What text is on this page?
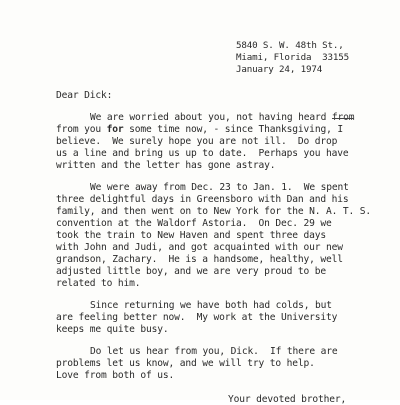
5840 S. W. 48th St.,
Miami, Florida  33155
January 24, 1974
Dear Dick:
We are worried about you, not having heard from
from you for some time now, - since Thanksgiving, I
believe.  We surely hope you are not ill.  Do drop
us a line and bring us up to date.  Perhaps you have
written and the letter has gone astray.
We were away from Dec. 23 to Jan. 1.  We spent
three delightful days in Greensboro with Dan and his
family, and then went on to New York for the N. A. T. S.
convention at the Waldorf Astoria.  On Dec. 29 we
took the train to New Haven and spent three days
with John and Judi, and got acquainted with our new
grandson, Zachary.  He is a handsome, healthy, well
adjusted little boy, and we are very proud to be
related to him.
Since returning we have both had colds, but
are feeling better now.  My work at the University
keeps me quite busy.
Do let us hear from you, Dick.  If there are
problems let us know, and we will try to help.
Love from both of us.
Your devoted brother,
